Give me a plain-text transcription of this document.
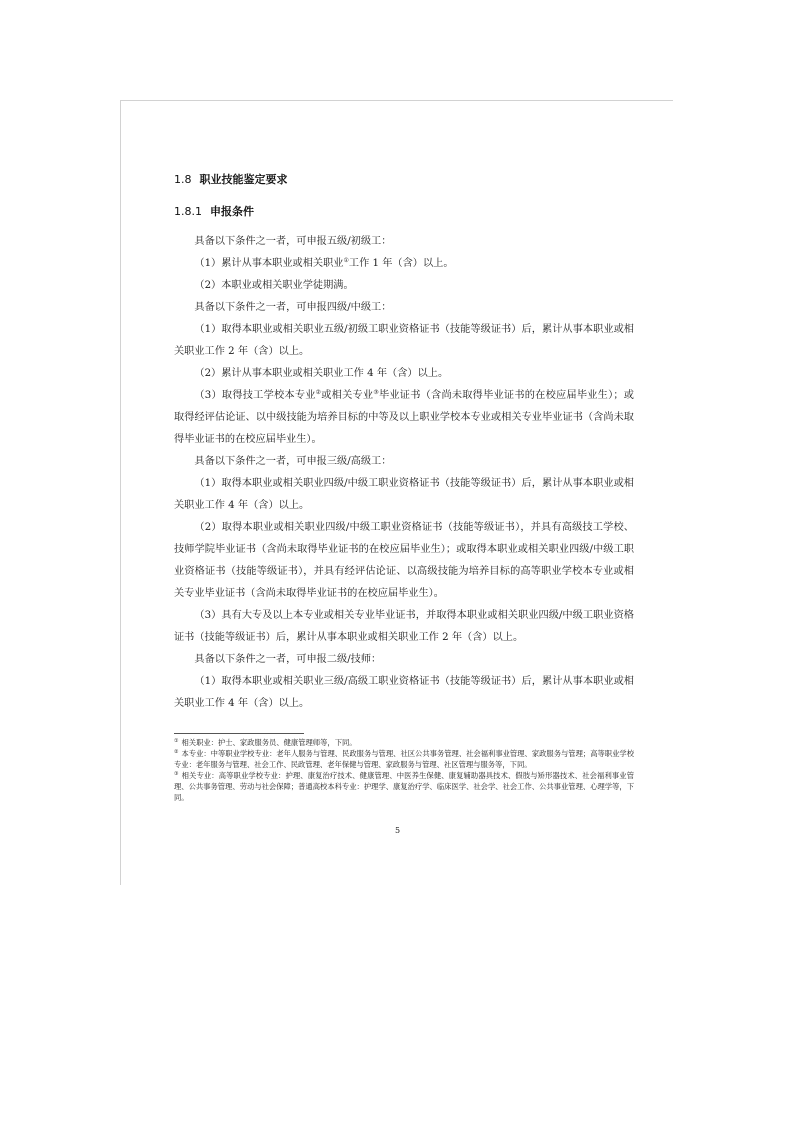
1.8 职业技能鉴定要求
1.8.1 申报条件

具备以下条件之一者，可申报五级/初级工：

（1）累计从事本职业或相关职业①工作 1 年（含）以上。

（2）本职业或相关职业学徒期满。

具备以下条件之一者，可申报四级/中级工：

（1）取得本职业或相关职业五级/初级工职业资格证书（技能等级证书）后，累计从事本职业或相关职业工作 2 年（含）以上。

（2）累计从事本职业或相关职业工作 4 年（含）以上。

（3）取得技工学校本专业②或相关专业③毕业证书（含尚未取得毕业证书的在校应届毕业生）；或取得经评估论证、以中级技能为培养目标的中等及以上职业学校本专业或相关专业毕业证书（含尚未取得毕业证书的在校应届毕业生）。

具备以下条件之一者，可申报三级/高级工：

（1）取得本职业或相关职业四级/中级工职业资格证书（技能等级证书）后，累计从事本职业或相关职业工作 4 年（含）以上。

（2）取得本职业或相关职业四级/中级工职业资格证书（技能等级证书），并具有高级技工学校、技师学院毕业证书（含尚未取得毕业证书的在校应届毕业生）；或取得本职业或相关职业四级/中级工职业资格证书（技能等级证书），并具有经评估论证、以高级技能为培养目标的高等职业学校本专业或相关专业毕业证书（含尚未取得毕业证书的在校应届毕业生）。

（3）具有大专及以上本专业或相关专业毕业证书，并取得本职业或相关职业四级/中级工职业资格证书（技能等级证书）后，累计从事本职业或相关职业工作 2 年（含）以上。

具备以下条件之一者，可申报二级/技师：

（1）取得本职业或相关职业三级/高级工职业资格证书（技能等级证书）后，累计从事本职业或相关职业工作 4 年（含）以上。

① 相关职业：护士、家政服务员、健康管理师等，下同。

② 本专业：中等职业学校专业：老年人服务与管理、民政服务与管理、社区公共事务管理、社会福利事业管理、家政服务与管理；高等职业学校专业：老年服务与管理、社会工作、民政管理、老年保健与管理、家政服务与管理、社区管理与服务等，下同。

③ 相关专业：高等职业学校专业：护理、康复治疗技术、健康管理、中医养生保健、康复辅助器具技术、假肢与矫形器技术、社会福利事业管理、公共事务管理、劳动与社会保障；普通高校本科专业：护理学、康复治疗学、临床医学、社会学、社会工作、公共事业管理、心理学等，下同。

5
